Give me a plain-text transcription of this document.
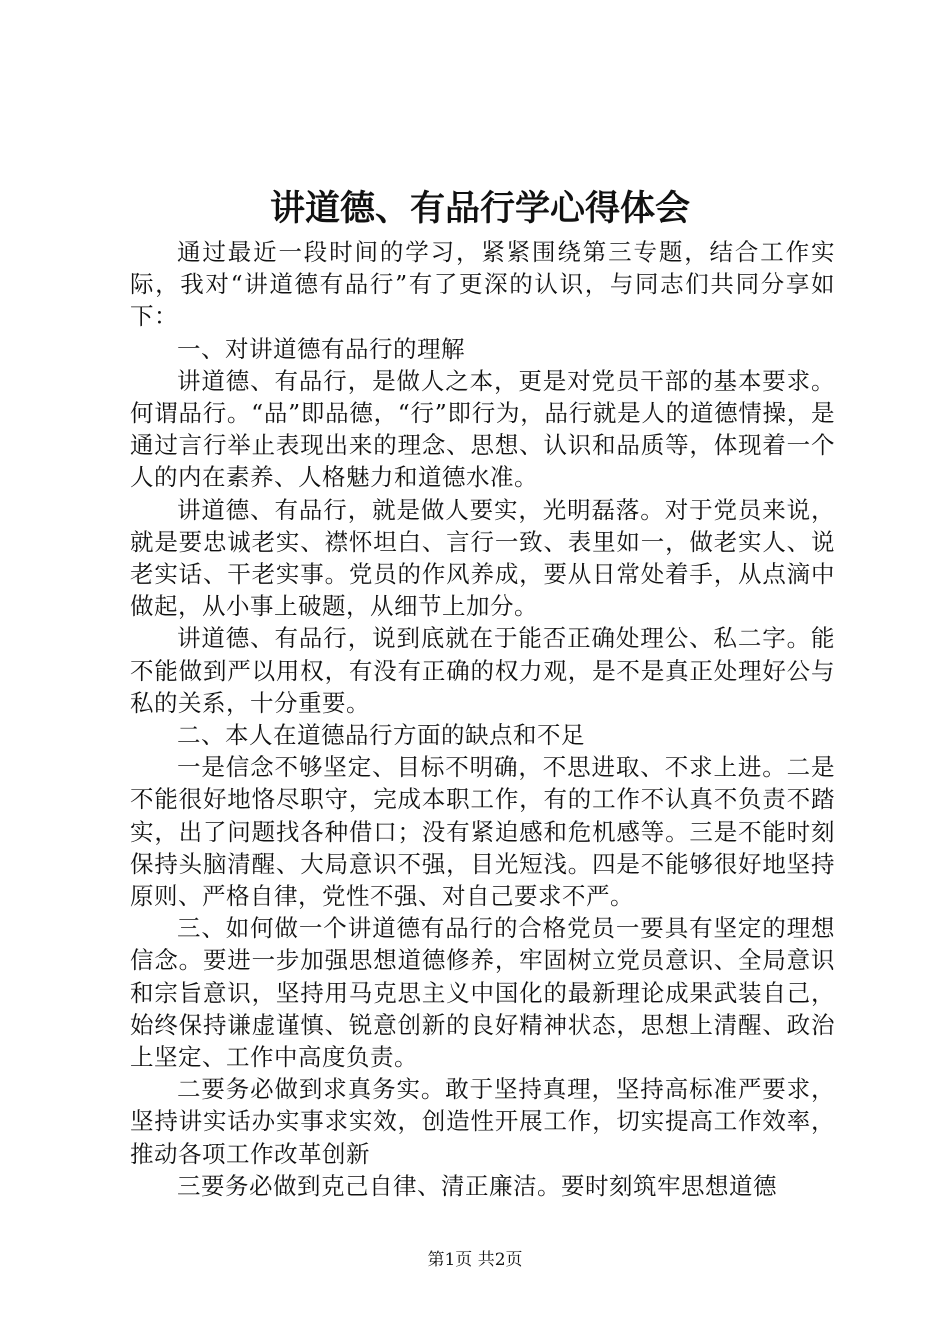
讲道德、有品行学心得体会

通过最近一段时间的学习，紧紧围绕第三专题，结合工作实际，我对“讲道德有品行”有了更深的认识，与同志们共同分享如下：

一、对讲道德有品行的理解

讲道德、有品行，是做人之本，更是对党员干部的基本要求。何谓品行。“品”即品德，“行”即行为，品行就是人的道德情操，是通过言行举止表现出来的理念、思想、认识和品质等，体现着一个人的内在素养、人格魅力和道德水准。

讲道德、有品行，就是做人要实，光明磊落。对于党员来说，就是要忠诚老实、襟怀坦白、言行一致、表里如一，做老实人、说老实话、干老实事。党员的作风养成，要从日常处着手，从点滴中做起，从小事上破题，从细节上加分。

讲道德、有品行，说到底就在于能否正确处理公、私二字。能不能做到严以用权，有没有正确的权力观，是不是真正处理好公与私的关系，十分重要。

二、本人在道德品行方面的缺点和不足

一是信念不够坚定、目标不明确，不思进取、不求上进。二是不能很好地恪尽职守，完成本职工作，有的工作不认真不负责不踏实，出了问题找各种借口；没有紧迫感和危机感等。三是不能时刻保持头脑清醒、大局意识不强，目光短浅。四是不能够很好地坚持原则、严格自律，党性不强、对自己要求不严。

三、如何做一个讲道德有品行的合格党员一要具有坚定的理想信念。要进一步加强思想道德修养，牢固树立党员意识、全局意识和宗旨意识，坚持用马克思主义中国化的最新理论成果武装自己，始终保持谦虚谨慎、锐意创新的良好精神状态，思想上清醒、政治上坚定、工作中高度负责。

二要务必做到求真务实。敢于坚持真理，坚持高标准严要求，坚持讲实话办实事求实效，创造性开展工作，切实提高工作效率，推动各项工作改革创新

三要务必做到克己自律、清正廉洁。要时刻筑牢思想道德

第1页 共2页
